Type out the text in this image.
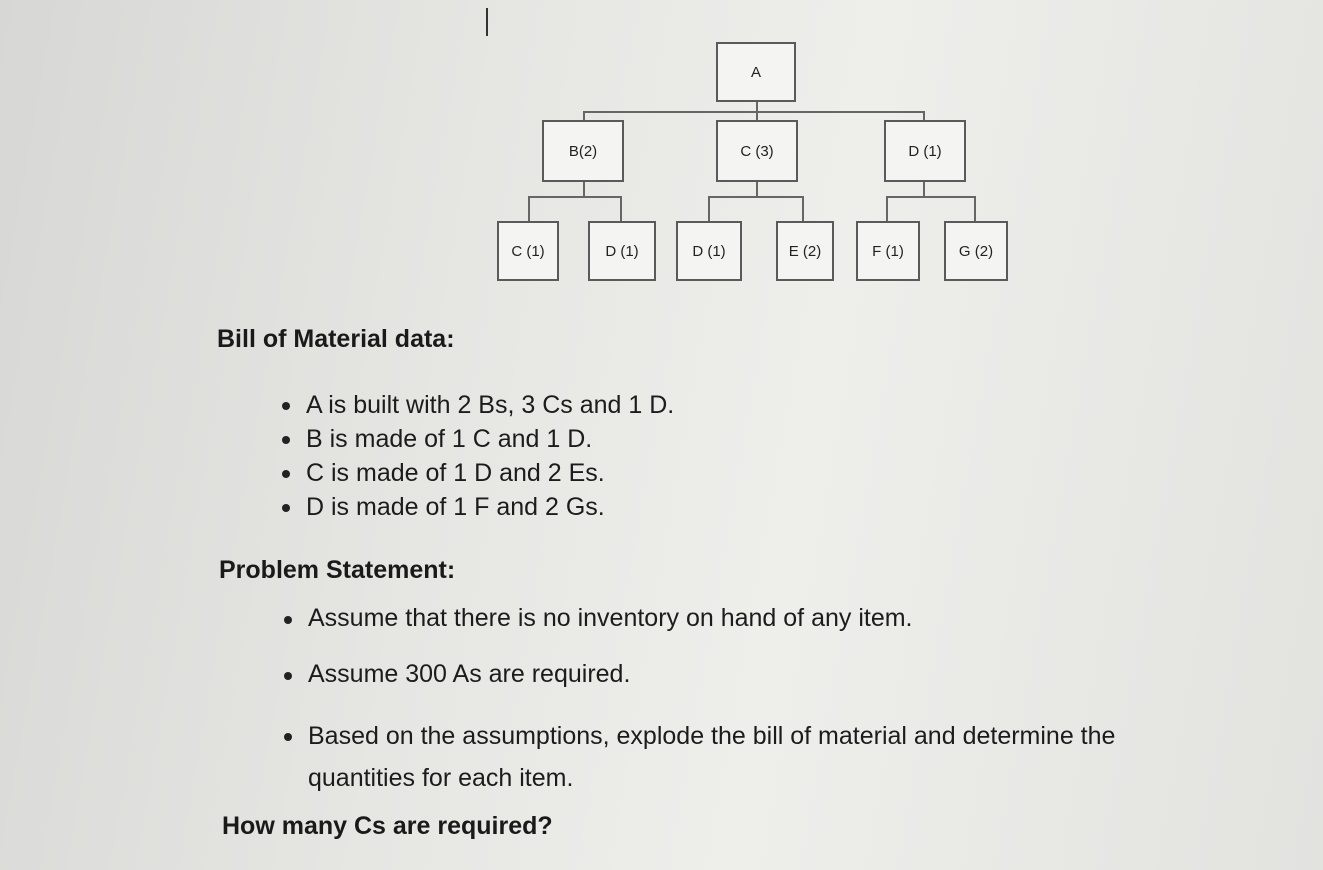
A
B(2)	C (3)	D (1)
C (1)	D (1)	D (1)	E (2)	F (1)	G (2)
Bill of Material data:
A is built with 2 Bs, 3 Cs and 1 D.
B is made of 1 C and 1 D.
C is made of 1 D and 2 Es.
D is made of 1 F and 2 Gs.
Problem Statement:
Assume that there is no inventory on hand of any item.
Assume 300 As are required.
Based on the assumptions, explode the bill of material and determine the quantities for each item.
How many Cs are required?
